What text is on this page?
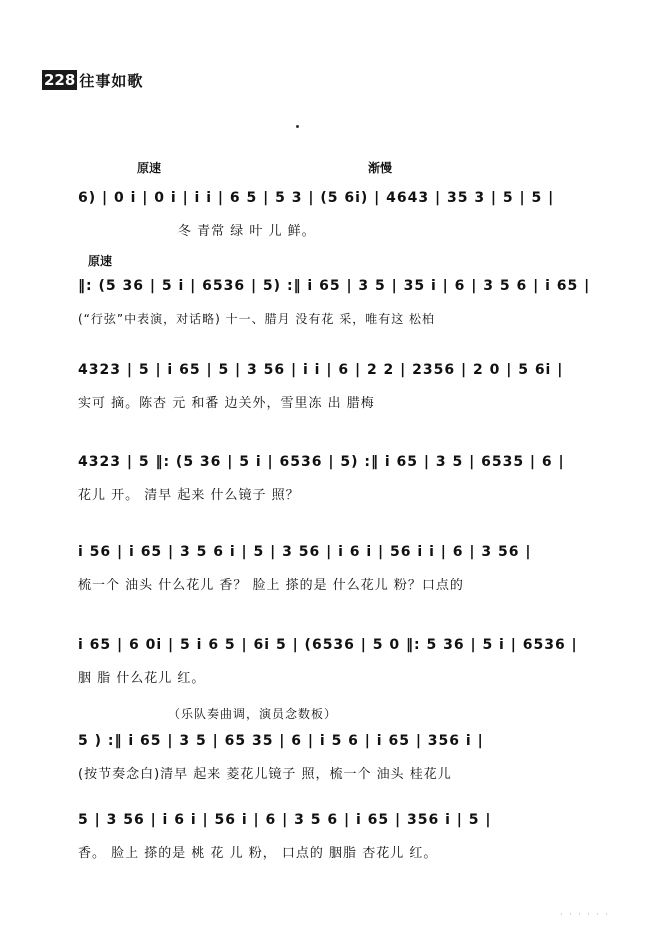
228 往事如歌
原速	渐慢
6) | 0 i | 0 i | i i | 6 5 | 5 3 | (5 6i) | 4643 | 35 3 | 5 | 5 |
冬 青常 绿 叶 儿 鲜。
原速
‖: (5 36 | 5 i | 6536 | 5) :‖ i 65 | 3 5 | 35 i | 6 | 3 5 6 | i 65 |
(“行弦”中表演，对话略) 十一、腊月 没有花 采，唯有这 松柏
4323 | 5 | i 65 | 5 | 3 56 | i i | 6 | 2 2 | 2356 | 2 0 | 5 6i |
实可 摘。陈杏 元 和番 边关外，雪里冻 出 腊梅
4323 | 5 ‖: (5 36 | 5 i | 6536 | 5) :‖ i 65 | 3 5 | 6535 | 6 |
花儿 开。 清早 起来 什么镜子 照？
i 56 | i 65 | 3 5 6 i | 5 | 3 56 | i 6 i | 56 i i | 6 | 3 56 |
梳一个 油头 什么花儿 香？ 脸上 搽的是 什么花儿 粉？口点的
i 65 | 6 0i | 5 i 6 5 | 6i 5 | (6536 | 5 0 ‖: 5 36 | 5 i | 6536 |
胭 脂 什么花儿 红。
（乐队奏曲调，演员念数板）
5 ) :‖ i 65 | 3 5 | 65 35 | 6 | i 5 6 | i 65 | 356 i |
(按节奏念白)清早 起来 菱花儿镜子 照，梳一个 油头 桂花儿
5 | 3 56 | i 6 i | 56 i | 6 | 3 5 6 | i 65 | 356 i | 5 |
香。 脸上 搽的是 桃 花 儿 粉， 口点的 胭脂 杏花儿 红。
· · · · · ·
